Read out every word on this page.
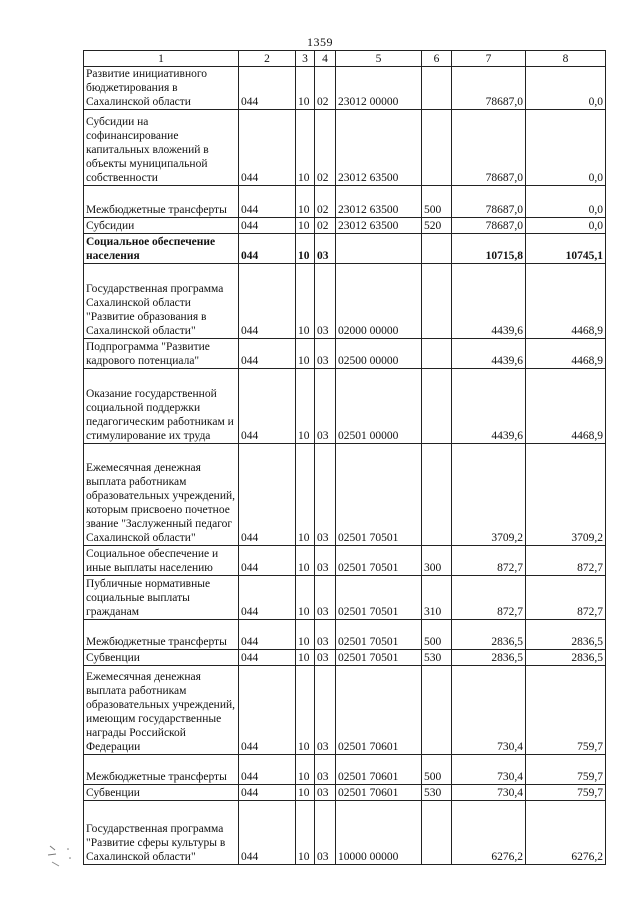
1359
1	2	3	4	5	6	7	8
Развитие инициативного бюджетирования в Сахалинской области	044	10	02	23012 00000		78687,0	0,0
Субсидии на софинансирование капитальных вложений в объекты муниципальной собственности	044	10	02	23012 63500		78687,0	0,0
Межбюджетные трансферты	044	10	02	23012 63500	500	78687,0	0,0
Субсидии	044	10	02	23012 63500	520	78687,0	0,0
Социальное обеспечение населения	044	10	03			10715,8	10745,1
Государственная программа Сахалинской области "Развитие образования в Сахалинской области"	044	10	03	02000 00000		4439,6	4468,9
Подпрограмма "Развитие кадрового потенциала"	044	10	03	02500 00000		4439,6	4468,9
Оказание государственной социальной поддержки педагогическим работникам и стимулирование их труда	044	10	03	02501 00000		4439,6	4468,9
Ежемесячная денежная выплата работникам образовательных учреждений, которым присвоено почетное звание "Заслуженный педагог Сахалинской области"	044	10	03	02501 70501		3709,2	3709,2
Социальное обеспечение и иные выплаты населению	044	10	03	02501 70501	300	872,7	872,7
Публичные нормативные социальные выплаты гражданам	044	10	03	02501 70501	310	872,7	872,7
Межбюджетные трансферты	044	10	03	02501 70501	500	2836,5	2836,5
Субвенции	044	10	03	02501 70501	530	2836,5	2836,5
Ежемесячная денежная выплата работникам образовательных учреждений, имеющим государственные награды Российской Федерации	044	10	03	02501 70601		730,4	759,7
Межбюджетные трансферты	044	10	03	02501 70601	500	730,4	759,7
Субвенции	044	10	03	02501 70601	530	730,4	759,7
Государственная программа "Развитие сферы культуры в Сахалинской области"	044	10	03	10000 00000		6276,2	6276,2
